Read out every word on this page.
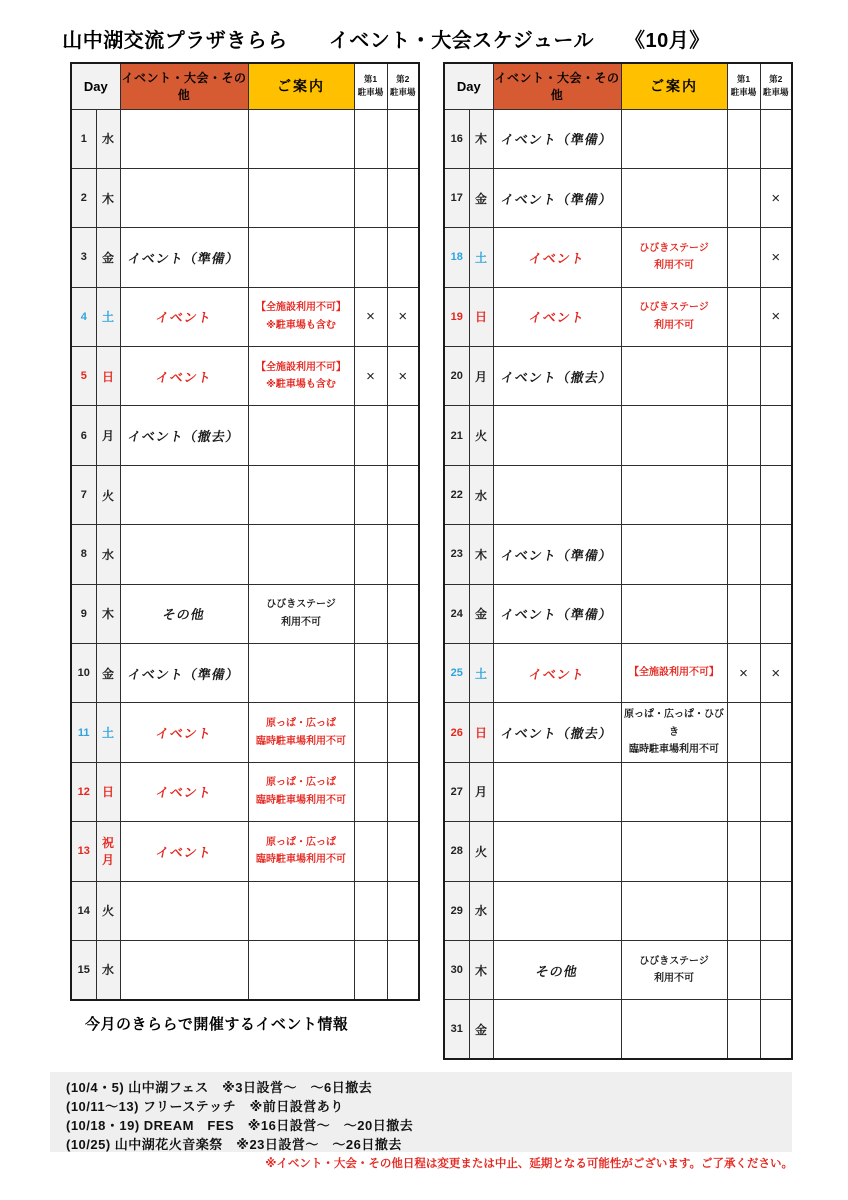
山中湖交流プラザきらら　　イベント・大会スケジュール　　《10月》
Day		イベント・大会・その他	ご案内	第1
駐車場	第2
駐車場
1	水				
2	木				
3	金	イベント（準備）			
4	土	イベント	【全施設利用不可】
※駐車場も含む	×	×
5	日	イベント	【全施設利用不可】
※駐車場も含む	×	×
6	月	イベント（撤去）			
7	火				
8	水				
9	木	その他	ひびきステージ
利用不可		

10	金	イベント（準備）			
11	土	イベント	原っぱ・広っぱ
臨時駐車場利用不可		

12	日	イベント	原っぱ・広っぱ
臨時駐車場利用不可		

13	祝月	イベント	原っぱ・広っぱ
臨時駐車場利用不可		

14	火				
15	水				
Day		イベント・大会・その他	ご案内	第1
駐車場	第2
駐車場
16	木	イベント（準備）			
17	金	イベント（準備）			×
18	土	イベント	ひびきステージ
利用不可		×
19	日	イベント	ひびきステージ
利用不可		×
20	月	イベント（撤去）			
21	火				
22	水				
23	木	イベント（準備）			
24	金	イベント（準備）			
25	土	イベント	【全施設利用不可】	×	×
26	日	イベント（撤去）	原っぱ・広っぱ・ひびき
臨時駐車場利用不可		

27	月				
28	火				
29	水				
30	木	その他	ひびきステージ
利用不可		

31	金				
今月のきららで開催するイベント情報
(10/4・5) 山中湖フェス　※3日設営～　～6日撤去
(10/11～13) フリーステッチ　※前日設営あり
(10/18・19) DREAM　FES　※16日設営～　～20日撤去
(10/25) 山中湖花火音楽祭　※23日設営～　～26日撤去
※イベント・大会・その他日程は変更または中止、延期となる可能性がございます。ご了承ください。
